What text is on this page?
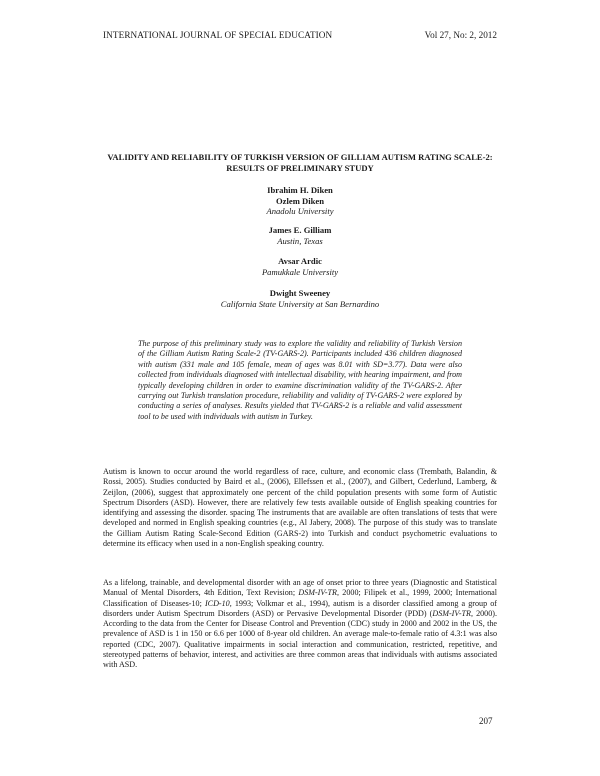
INTERNATIONAL JOURNAL OF SPECIAL EDUCATION	Vol 27, No: 2, 2012
VALIDITY AND RELIABILITY OF TURKISH VERSION OF GILLIAM AUTISM RATING SCALE-2: RESULTS OF PRELIMINARY STUDY
Ibrahim H. Diken
Ozlem Diken
Anadolu University
James E. Gilliam
Austin, Texas
Avsar Ardic
Pamukkale University
Dwight Sweeney
California State University at San Bernardino

The purpose of this preliminary study was to explore the validity and reliability of Turkish Version of the Gilliam Autism Rating Scale-2 (TV-GARS-2). Participants included 436 children diagnosed with autism (331 male and 105 female, mean of ages was 8.01 with SD=3.77). Data were also collected from individuals diagnosed with intellectual disability, with hearing impairment, and from typically developing children in order to examine discrimination validity of the TV-GARS-2. After carrying out Turkish translation procedure, reliability and validity of TV-GARS-2 were explored by conducting a series of analyses. Results yielded that TV-GARS-2 is a reliable and valid assessment tool to be used with individuals with autism in Turkey.

Autism is known to occur around the world regardless of race, culture, and economic class (Trembath, Balandin, & Rossi, 2005). Studies conducted by Baird et al., (2006), Ellefssen et al., (2007), and Gilbert, Cederlund, Lamberg, & Zeijlon, (2006), suggest that approximately one percent of the child population presents with some form of Autistic Spectrum Disorders (ASD). However, there are relatively few tests available outside of English speaking countries for identifying and assessing the disorder. spacing The instruments that are available are often translations of tests that were developed and normed in English speaking countries (e.g., Al Jabery, 2008). The purpose of this study was to translate the Gilliam Autism Rating Scale-Second Edition (GARS-2) into Turkish and conduct psychometric evaluations to determine its efficacy when used in a non-English speaking country.

As a lifelong, trainable, and developmental disorder with an age of onset prior to three years (Diagnostic and Statistical Manual of Mental Disorders, 4th Edition, Text Revision; DSM-IV-TR, 2000; Filipek et al., 1999, 2000; International Classification of Diseases-10; ICD-10, 1993; Volkmar et al., 1994), autism is a disorder classified among a group of disorders under Autism Spectrum Disorders (ASD) or Pervasive Developmental Disorder (PDD) (DSM-IV-TR, 2000). According to the data from the Center for Disease Control and Prevention (CDC) study in 2000 and 2002 in the US, the prevalence of ASD is 1 in 150 or 6.6 per 1000 of 8-year old children. An average male-to-female ratio of 4.3:1 was also reported (CDC, 2007). Qualitative impairments in social interaction and communication, restricted, repetitive, and stereotyped patterns of behavior, interest, and activities are three common areas that individuals with autisms associated with ASD.

207
